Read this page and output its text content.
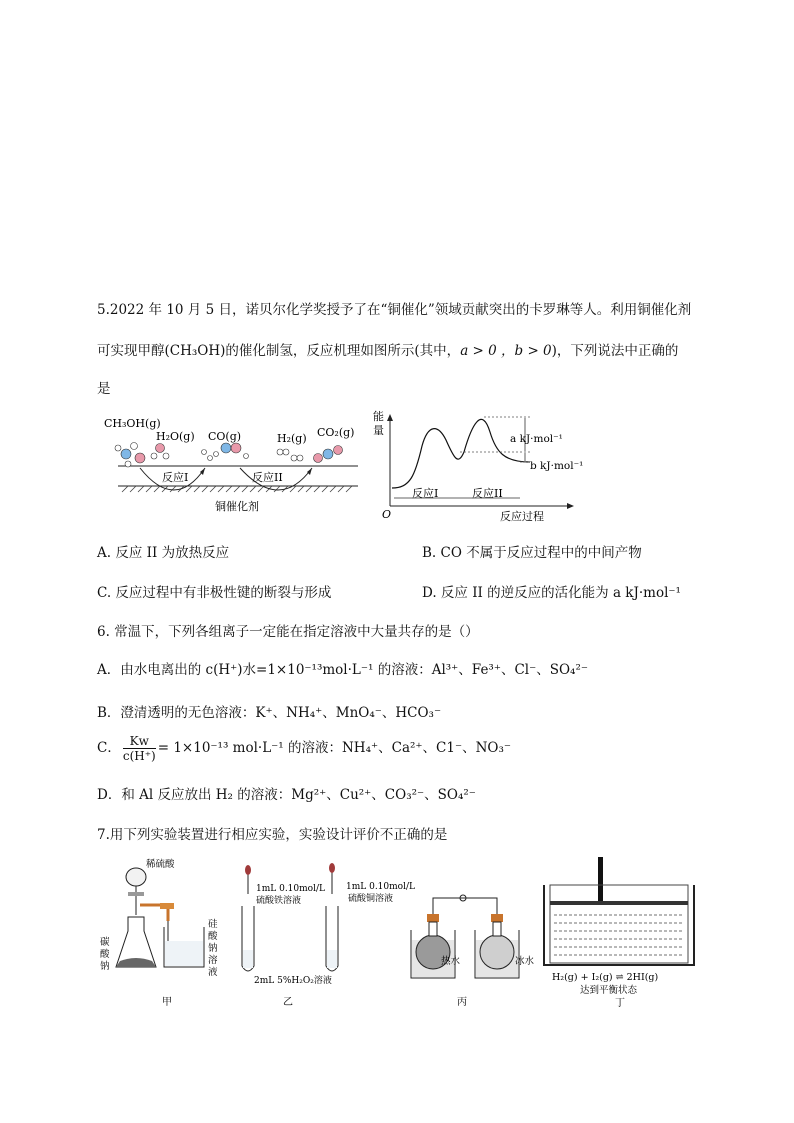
5.2022 年 10 月 5 日，诺贝尔化学奖授予了在“铜催化”领域贡献突出的卡罗琳等人。利用铜催化剂
可实现甲醇(CH₃OH)的催化制氢，反应机理如图所示(其中，a > 0 ，b > 0)，下列说法中正确的
是
CH₃OH(g)
H₂O(g) CO(g)	H₂(g) CO₂(g)
反应I	反应II
铜催化剂
能
量
a kJ·mol⁻¹
b kJ·mol⁻¹
反应I	反应II
O	反应过程
A. 反应 II 为放热反应	B. CO 不属于反应过程中的中间产物
C. 反应过程中有非极性键的断裂与形成	D. 反应 II 的逆反应的活化能为 a kJ·mol⁻¹
6. 常温下，下列各组离子一定能在指定溶液中大量共存的是（）
A．由水电离出的 c(H⁺)水=1×10⁻¹³mol·L⁻¹ 的溶液：Al³⁺、Fe³⁺、Cl⁻、SO₄²⁻
B．澄清透明的无色溶液：K⁺、NH₄⁺、MnO₄⁻、HCO₃⁻
C． $\frac{Kw}{c(H^+)} = 1\times 10^{-13}$ mol·L⁻¹ 的溶液：NH₄⁺、Ca²⁺、C1⁻、NO₃⁻
D．和 Al 反应放出 H₂ 的溶液：Mg²⁺、Cu²⁺、CO₃²⁻、SO₄²⁻
7.用下列实验装置进行相应实验，实验设计评价不正确的是
稀硫酸
碳
酸
钠
硅
酸
钠
溶
液
甲
1mL 0.10mol/L
硫酸铁溶液
1mL 0.10mol/L
硫酸铜溶液
2mL 5%H₂O₂溶液
乙
热水	冰水
丙
H₂(g) + I₂(g) ⇌ 2HI(g)
达到平衡状态
丁
